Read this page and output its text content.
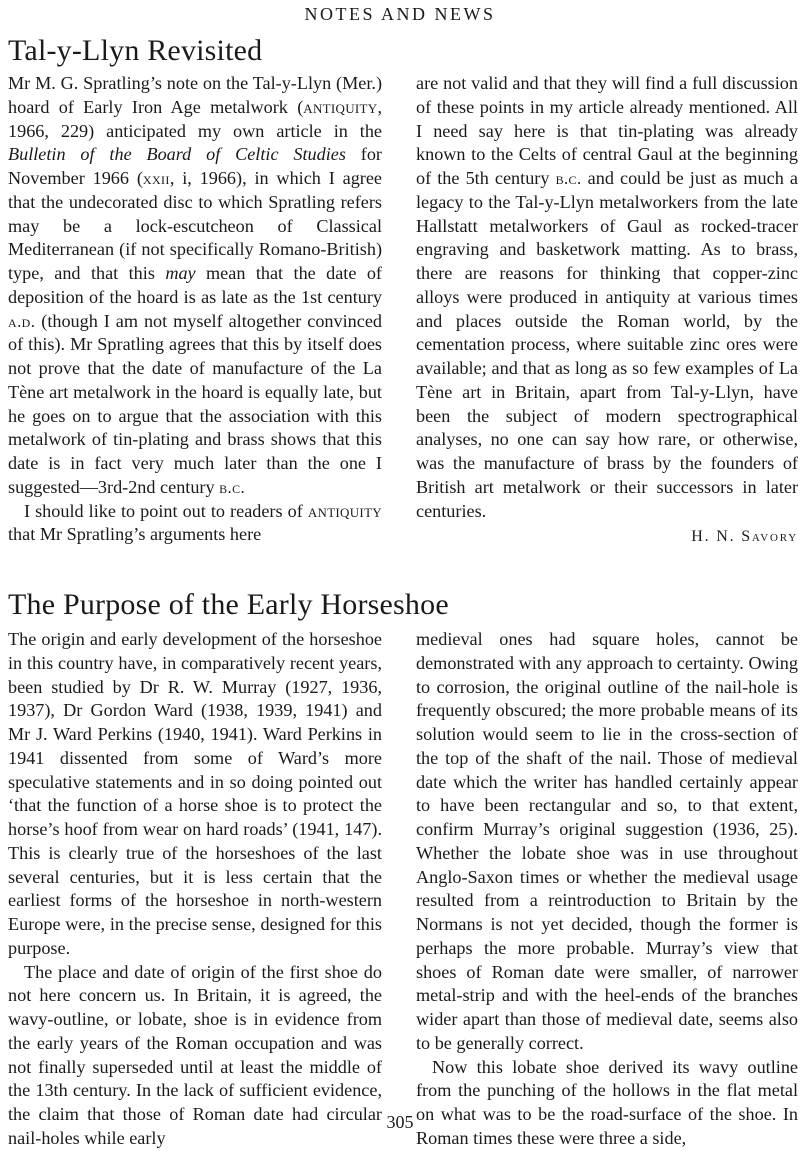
NOTES AND NEWS
Tal-y-Llyn Revisited

Mr M. G. Spratling’s note on the Tal-y-Llyn (Mer.) hoard of Early Iron Age metalwork (antiquity, 1966, 229) anticipated my own article in the Bulletin of the Board of Celtic Studies for November 1966 (xxii, i, 1966), in which I agree that the undecorated disc to which Spratling refers may be a lock-escutcheon of Classical Mediterranean (if not specifically Romano-British) type, and that this may mean that the date of deposition of the hoard is as late as the 1st century a.d. (though I am not myself altogether convinced of this). Mr Spratling agrees that this by itself does not prove that the date of manufacture of the La Tène art metalwork in the hoard is equally late, but he goes on to argue that the association with this metalwork of tin-plating and brass shows that this date is in fact very much later than the one I suggested—3rd-2nd century b.c.

I should like to point out to readers of antiquity that Mr Spratling’s arguments here

are not valid and that they will find a full discussion of these points in my article already mentioned. All I need say here is that tin-plating was already known to the Celts of central Gaul at the beginning of the 5th century b.c. and could be just as much a legacy to the Tal-y-Llyn metalworkers from the late Hallstatt metalworkers of Gaul as rocked-tracer engraving and basketwork matting. As to brass, there are reasons for thinking that copper-zinc alloys were produced in antiquity at various times and places outside the Roman world, by the cementation process, where suitable zinc ores were available; and that as long as so few examples of La Tène art in Britain, apart from Tal-y-Llyn, have been the subject of modern spectrographical analyses, no one can say how rare, or otherwise, was the manufacture of brass by the founders of British art metalwork or their successors in later centuries.

H. N. Savory
The Purpose of the Early Horseshoe

The origin and early development of the horseshoe in this country have, in comparatively recent years, been studied by Dr R. W. Murray (1927, 1936, 1937), Dr Gordon Ward (1938, 1939, 1941) and Mr J. Ward Perkins (1940, 1941). Ward Perkins in 1941 dissented from some of Ward’s more speculative statements and in so doing pointed out ‘that the function of a horse shoe is to protect the horse’s hoof from wear on hard roads’ (1941, 147). This is clearly true of the horseshoes of the last several centuries, but it is less certain that the earliest forms of the horseshoe in north-western Europe were, in the precise sense, designed for this purpose.

The place and date of origin of the first shoe do not here concern us. In Britain, it is agreed, the wavy-outline, or lobate, shoe is in evidence from the early years of the Roman occupation and was not finally superseded until at least the middle of the 13th century. In the lack of sufficient evidence, the claim that those of Roman date had circular nail-holes while early

medieval ones had square holes, cannot be demonstrated with any approach to certainty. Owing to corrosion, the original outline of the nail-hole is frequently obscured; the more probable means of its solution would seem to lie in the cross-section of the top of the shaft of the nail. Those of medieval date which the writer has handled certainly appear to have been rectangular and so, to that extent, confirm Murray’s original suggestion (1936, 25). Whether the lobate shoe was in use throughout Anglo-Saxon times or whether the medieval usage resulted from a reintroduction to Britain by the Normans is not yet decided, though the former is perhaps the more probable. Murray’s view that shoes of Roman date were smaller, of narrower metal-strip and with the heel-ends of the branches wider apart than those of medieval date, seems also to be generally correct.

Now this lobate shoe derived its wavy outline from the punching of the hollows in the flat metal on what was to be the road-surface of the shoe. In Roman times these were three a side,

305
